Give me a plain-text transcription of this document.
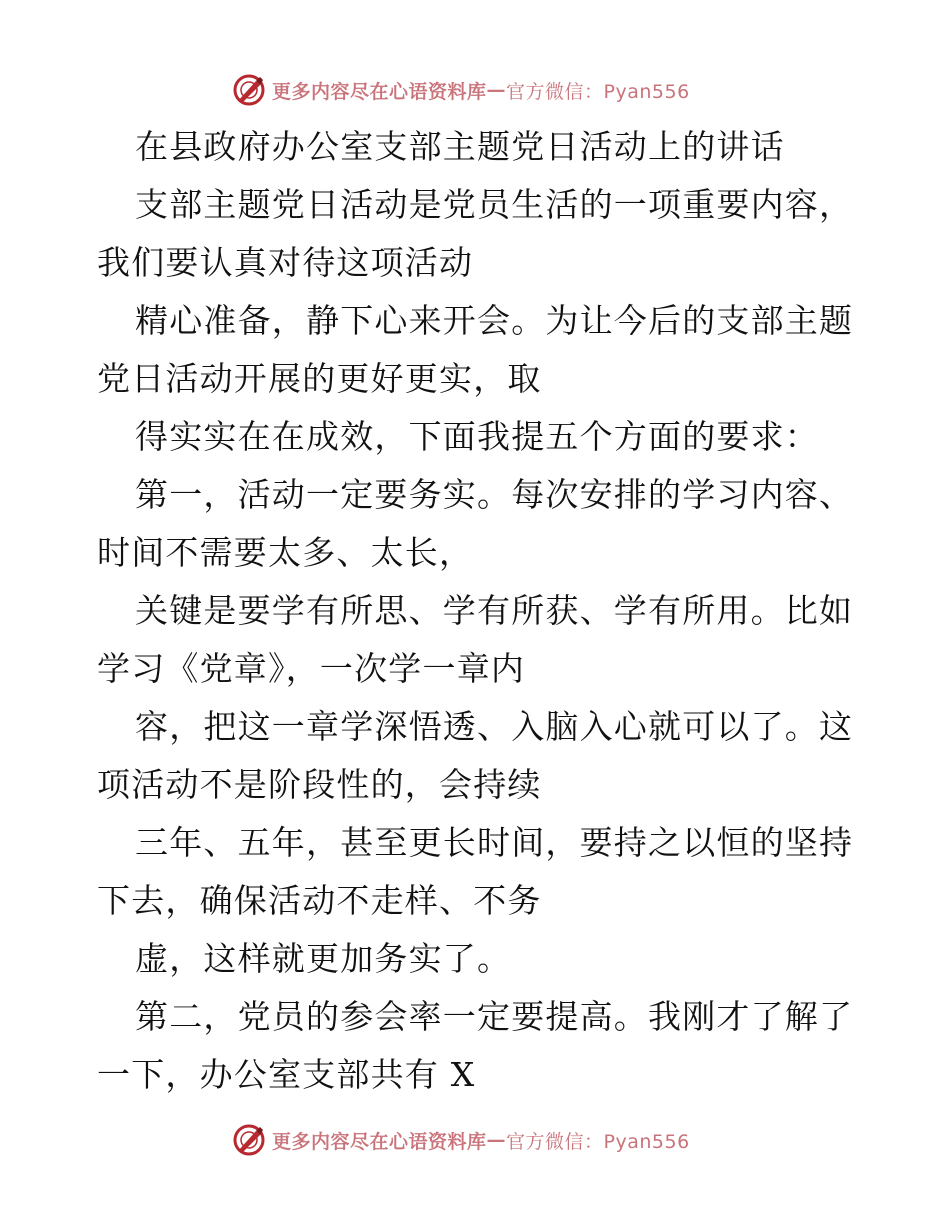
更多内容尽在心语资料库 — 官方微信：Pyan556
在县政府办公室支部主题党日活动上的讲话
支部主题党日活动是党员生活的一项重要内容，
我们要认真对待这项活动
精心准备，静下心来开会。为让今后的支部主题
党日活动开展的更好更实，取
得实实在在成效，下面我提五个方面的要求：
第一，活动一定要务实。每次安排的学习内容、
时间不需要太多、太长，
关键是要学有所思、学有所获、学有所用。比如
学习《党章》，一次学一章内
容，把这一章学深悟透、入脑入心就可以了。这
项活动不是阶段性的，会持续
三年、五年，甚至更长时间，要持之以恒的坚持
下去，确保活动不走样、不务
虚，这样就更加务实了。
第二，党员的参会率一定要提高。我刚才了解了
一下，办公室支部共有 X
更多内容尽在心语资料库 — 官方微信：Pyan556
